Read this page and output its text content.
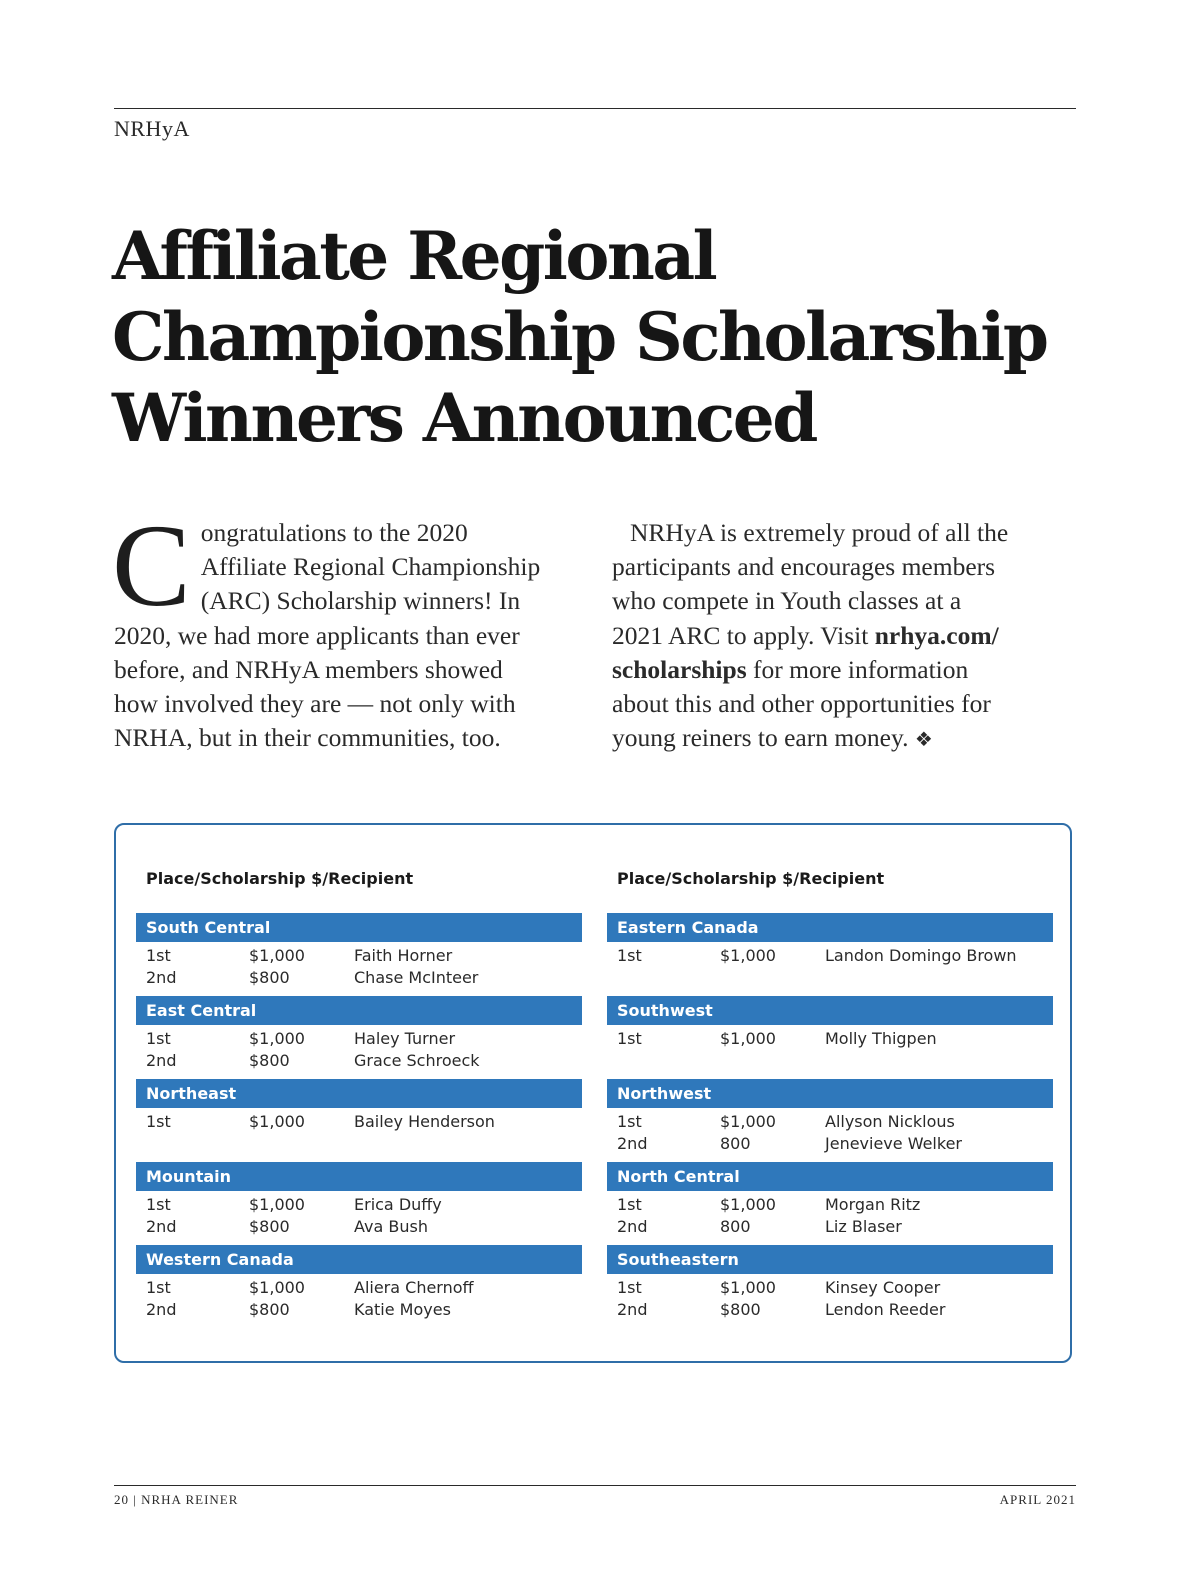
NRHyA
Affiliate Regional
Championship Scholarship
Winners Announced

C ongratulations to the 2020
Affiliate Regional Championship
(ARC) Scholarship winners! In
2020, we had more applicants than ever
before, and NRHyA members showed
how involved they are — not only with
NRHA, but in their communities, too.

NRHyA is extremely proud of all the
participants and encourages members
who compete in Youth classes at a
2021 ARC to apply. Visit nrhya.com/
scholarships for more information
about this and other opportunities for
young reiners to earn money. ❖

Place/Scholarship $/Recipient
South Central
1st	$1,000	Faith Horner
2nd	$800	Chase McInteer
East Central
1st	$1,000	Haley Turner
2nd	$800	Grace Schroeck
Northeast
1st	$1,000	Bailey Henderson
Mountain
1st	$1,000	Erica Duffy
2nd	$800	Ava Bush
Western Canada
1st	$1,000	Aliera Chernoff
2nd	$800	Katie Moyes
Place/Scholarship $/Recipient
Eastern Canada
1st	$1,000	Landon Domingo Brown
Southwest
1st	$1,000	Molly Thigpen
Northwest
1st	$1,000	Allyson Nicklous
2nd	800	Jenevieve Welker
North Central
1st	$1,000	Morgan Ritz
2nd	800	Liz Blaser
Southeastern
1st	$1,000	Kinsey Cooper
2nd	$800	Lendon Reeder
20 | NRHA REINER	APRIL 2021
